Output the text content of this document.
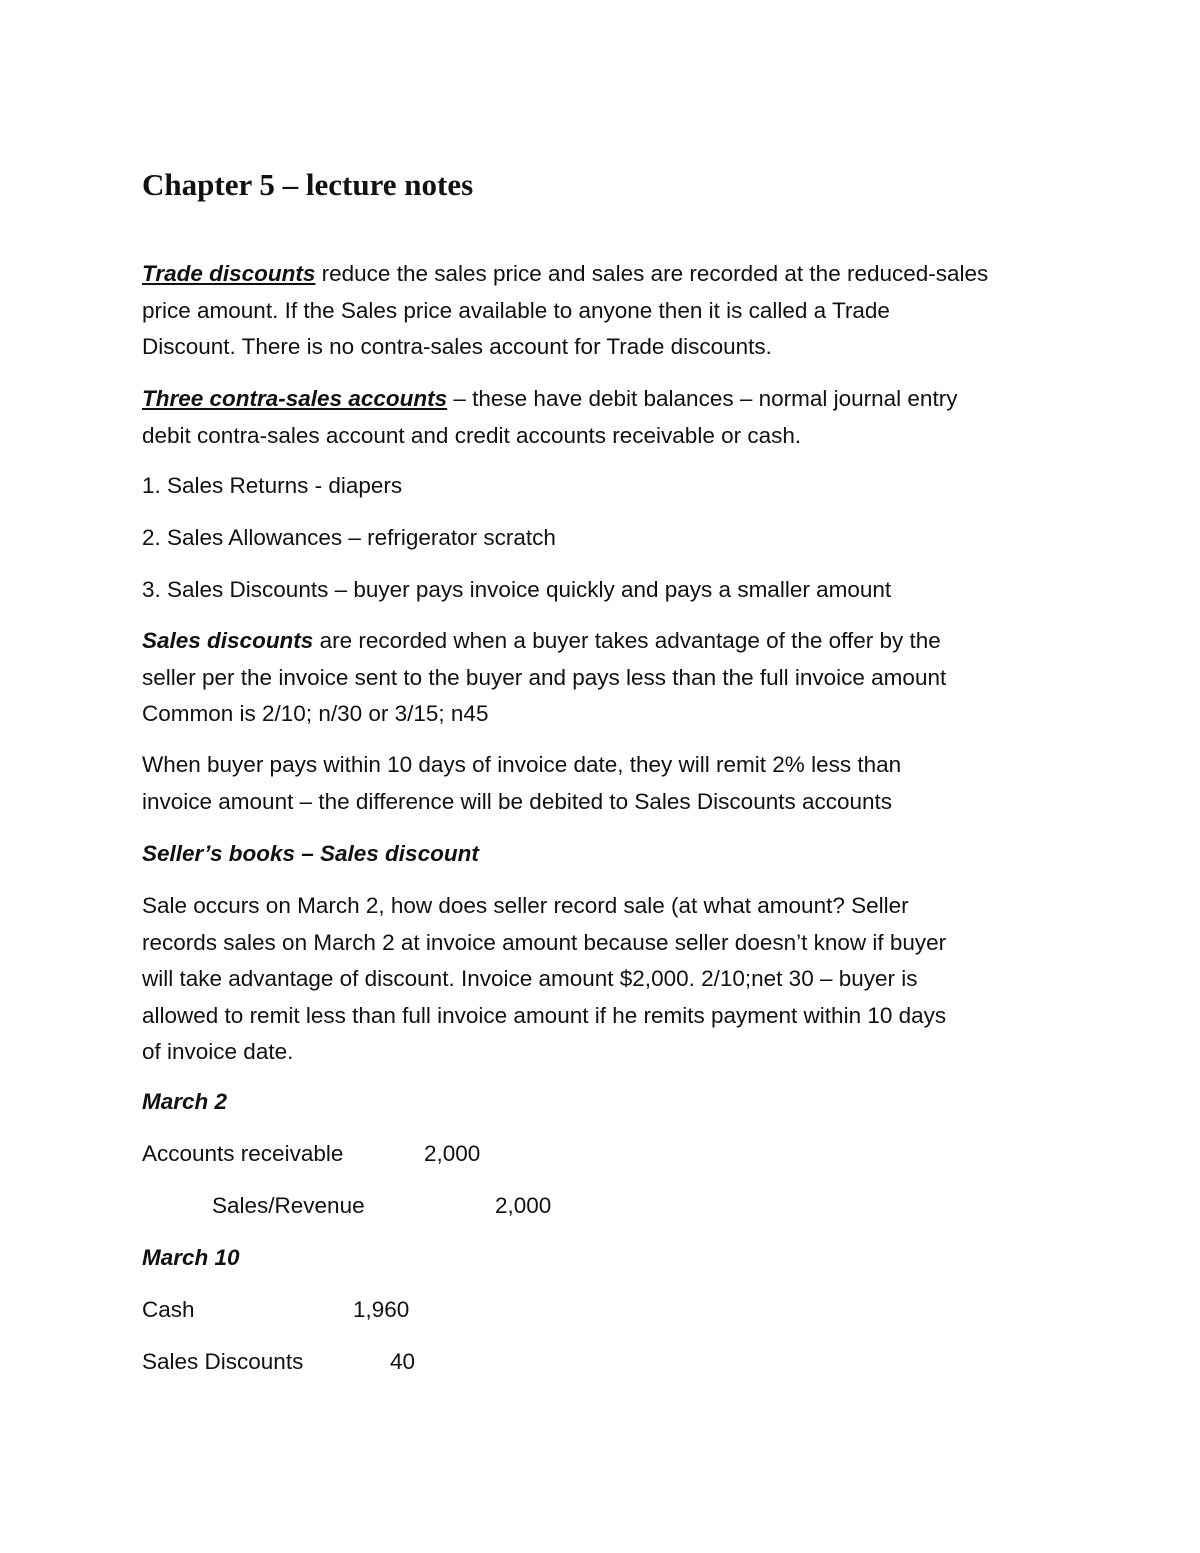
Chapter 5 – lecture notes

Trade discounts reduce the sales price and sales are recorded at the reduced-sales
price amount. If the Sales price available to anyone then it is called a Trade
Discount. There is no contra-sales account for Trade discounts.

Three contra-sales accounts – these have debit balances – normal journal entry
debit contra-sales account and credit accounts receivable or cash.

1. Sales Returns - diapers

2. Sales Allowances – refrigerator scratch

3. Sales Discounts – buyer pays invoice quickly and pays a smaller amount

Sales discounts are recorded when a buyer takes advantage of the offer by the
seller per the invoice sent to the buyer and pays less than the full invoice amount
Common is 2/10; n/30 or 3/15; n45

When buyer pays within 10 days of invoice date, they will remit 2% less than
invoice amount – the difference will be debited to Sales Discounts accounts

Seller’s books – Sales discount

Sale occurs on March 2, how does seller record sale (at what amount? Seller
records sales on March 2 at invoice amount because seller doesn’t know if buyer
will take advantage of discount. Invoice amount $2,000. 2/10;net 30 – buyer is
allowed to remit less than full invoice amount if he remits payment within 10 days
of invoice date.

March 2

Accounts receivable	2,000
Sales/Revenue	2,000

March 10

Cash	1,960
Sales Discounts	40
